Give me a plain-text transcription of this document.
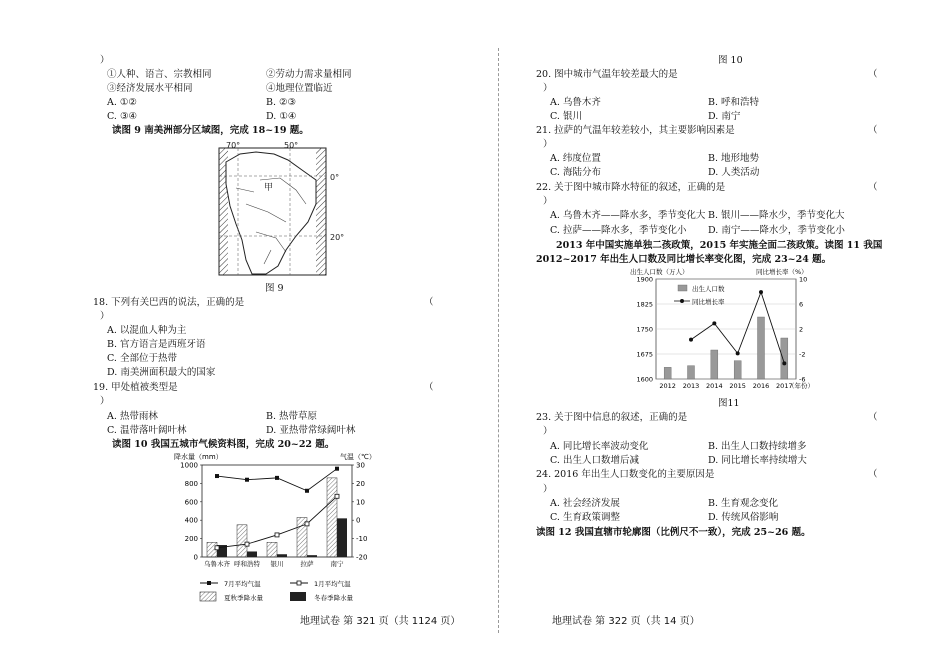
）
①人种、语言、宗教相同	②劳动力需求量相同
③经济发展水平相同	④地理位置临近
A. ①②	B. ②③
C. ③④	D. ①④
读图 9 南美洲部分区域图，完成 18~19 题。
70°	50°
0°
20°
甲
图 9
18. 下列有关巴西的说法，正确的是	（
）
A. 以混血人种为主
B. 官方语言是西班牙语
C. 全部位于热带
D. 南美洲面积最大的国家
19. 甲处植被类型是	（
）
A. 热带雨林	B. 热带草原
C. 温带落叶阔叶林	D. 亚热带常绿阔叶林
读图 10 我国五城市气候资料图，完成 20~22 题。
降水量（mm）	气温（℃）
1000
800
600
400
200
0
30
20
10
0
-10
-20
乌鲁木齐 呼和浩特 银川	拉萨	南宁
7月平均气温	1月平均气温
夏秋季降水量	冬春季降水量
地理试卷 第 321 页（共 1124 页）
图 10
20. 图中城市气温年较差最大的是	（
）
A. 乌鲁木齐	B. 呼和浩特
C. 银川	D. 南宁
21. 拉萨的气温年较差较小，其主要影响因素是	（
）
A. 纬度位置	B. 地形地势
C. 海陆分布	D. 人类活动
22. 关于图中城市降水特征的叙述，正确的是	（
）
A. 乌鲁木齐——降水多，季节变化大 B. 银川——降水少，季节变化大
C. 拉萨——降水多，季节变化小 D. 南宁——降水少，季节变化小
2013 年中国实施单独二孩政策，2015 年实施全面二孩政策。读图 11 我国
2012~2017 年出生人口数及同比增长率变化图，完成 23~24 题。
出生人口数（万人）	同比增长率（%）
1900
1825
1750
1675
1600
10
6
2
-2
-6
2012 2013 2014 2015 2016 2017
（年份）
出生人口数
同比增长率
图11
23. 关于图中信息的叙述，正确的是	（
）
A. 同比增长率波动变化	B. 出生人口数持续增多
C. 出生人口数增后减	D. 同比增长率持续增大
24. 2016 年出生人口数变化的主要原因是	（
）
A. 社会经济发展	B. 生育观念变化
C. 生育政策调整	D. 传统风俗影响
读图 12 我国直辖市轮廓图（比例尺不一致），完成 25~26 题。
地理试卷 第 322 页（共 14 页）
